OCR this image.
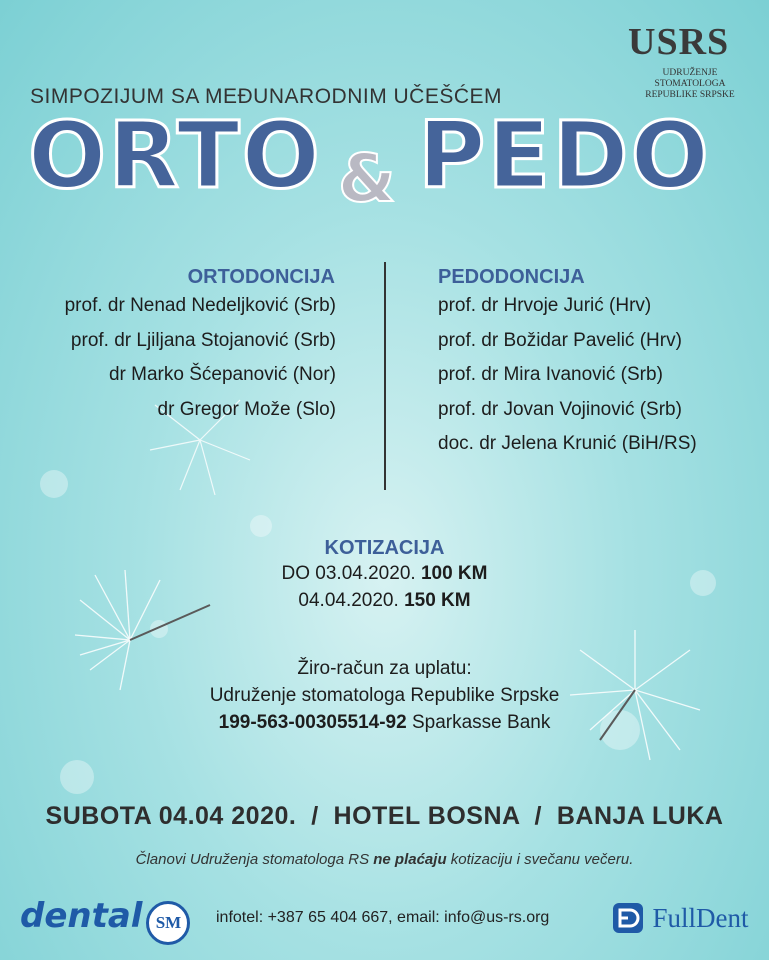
USRS
UDRUŽENJE
STOMATOLOGA
REPUBLIKE SRPSKE
SIMPOZIJUM SA MEĐUNARODNIM UČEŠĆEM
ORTO & PEDO
ORTODONCIJA
prof. dr Nenad Nedeljković (Srb)
prof. dr Ljiljana Stojanović (Srb)
dr Marko Šćepanović (Nor)
dr Gregor Može (Slo)
PEDODONCIJA
prof. dr Hrvoje Jurić (Hrv)
prof. dr Božidar Pavelić (Hrv)
prof. dr Mira Ivanović (Srb)
prof. dr Jovan Vojinović (Srb)
doc. dr Jelena Krunić (BiH/RS)
KOTIZACIJA
DO 03.04.2020. 100 KM
04.04.2020. 150 KM
Žiro-račun za uplatu:
Udruženje stomatologa Republike Srpske
199-563-00305514-92 Sparkasse Bank
SUBOTA 04.04 2020.  /  HOTEL BOSNA  /  BANJA LUKA
Članovi Udruženja stomatologa RS ne plaćaju kotizaciju i svečanu večeru.
dental SM	infotel: +387 65 404 667, email: info@us-rs.org	FullDent
